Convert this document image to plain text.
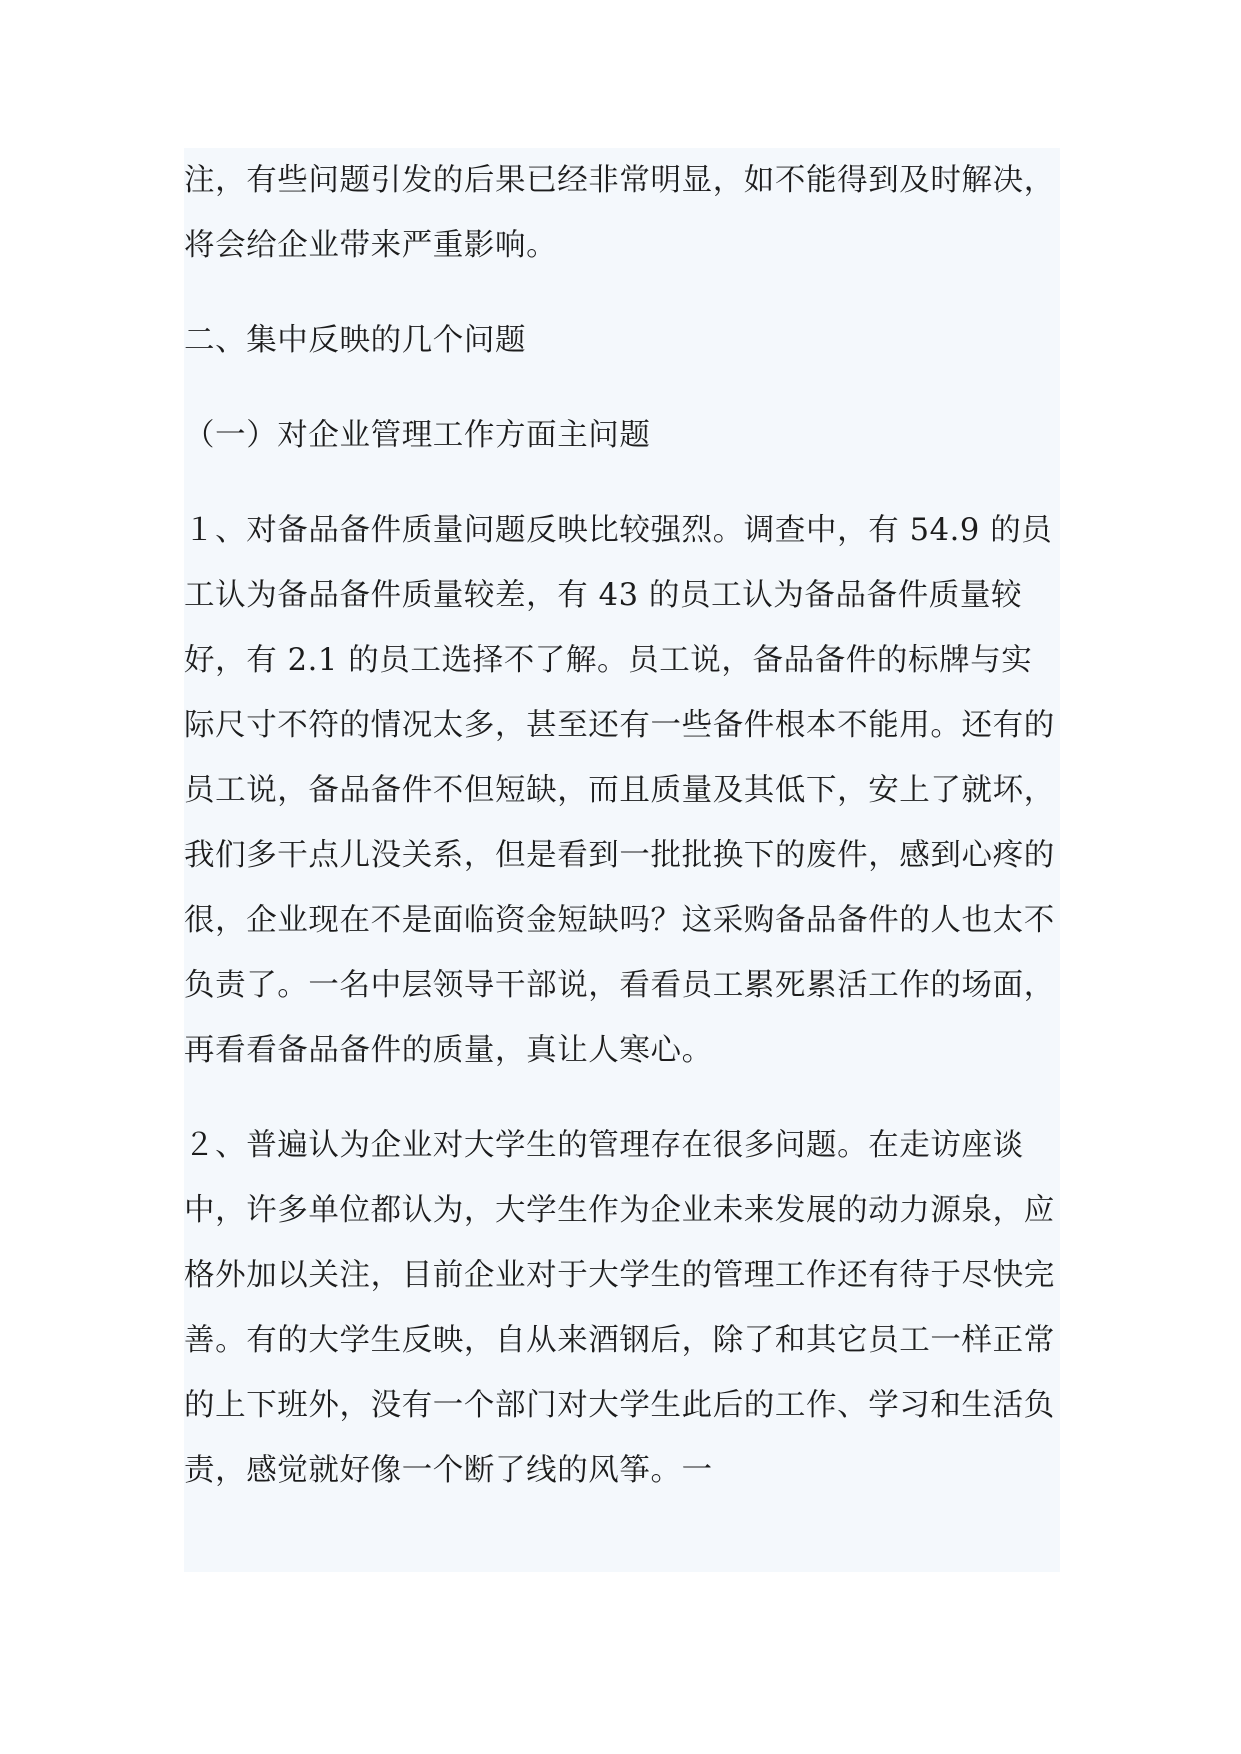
注，有些问题引发的后果已经非常明显，如不能得到及时解决，将会给企业带来严重影响。

二、集中反映的几个问题

（一）对企业管理工作方面主问题

１、对备品备件质量问题反映比较强烈。调查中，有 54.9 的员工认为备品备件质量较差，有 43 的员工认为备品备件质量较好，有 2.1 的员工选择不了解。员工说，备品备件的标牌与实际尺寸不符的情况太多，甚至还有一些备件根本不能用。还有的员工说，备品备件不但短缺，而且质量及其低下，安上了就坏，我们多干点儿没关系，但是看到一批批换下的废件，感到心疼的很，企业现在不是面临资金短缺吗？这采购备品备件的人也太不负责了。一名中层领导干部说，看看员工累死累活工作的场面，再看看备品备件的质量，真让人寒心。

２、普遍认为企业对大学生的管理存在很多问题。在走访座谈中，许多单位都认为，大学生作为企业未来发展的动力源泉，应格外加以关注，目前企业对于大学生的管理工作还有待于尽快完善。有的大学生反映，自从来酒钢后，除了和其它员工一样正常的上下班外，没有一个部门对大学生此后的工作、学习和生活负责，感觉就好像一个断了线的风筝。一
